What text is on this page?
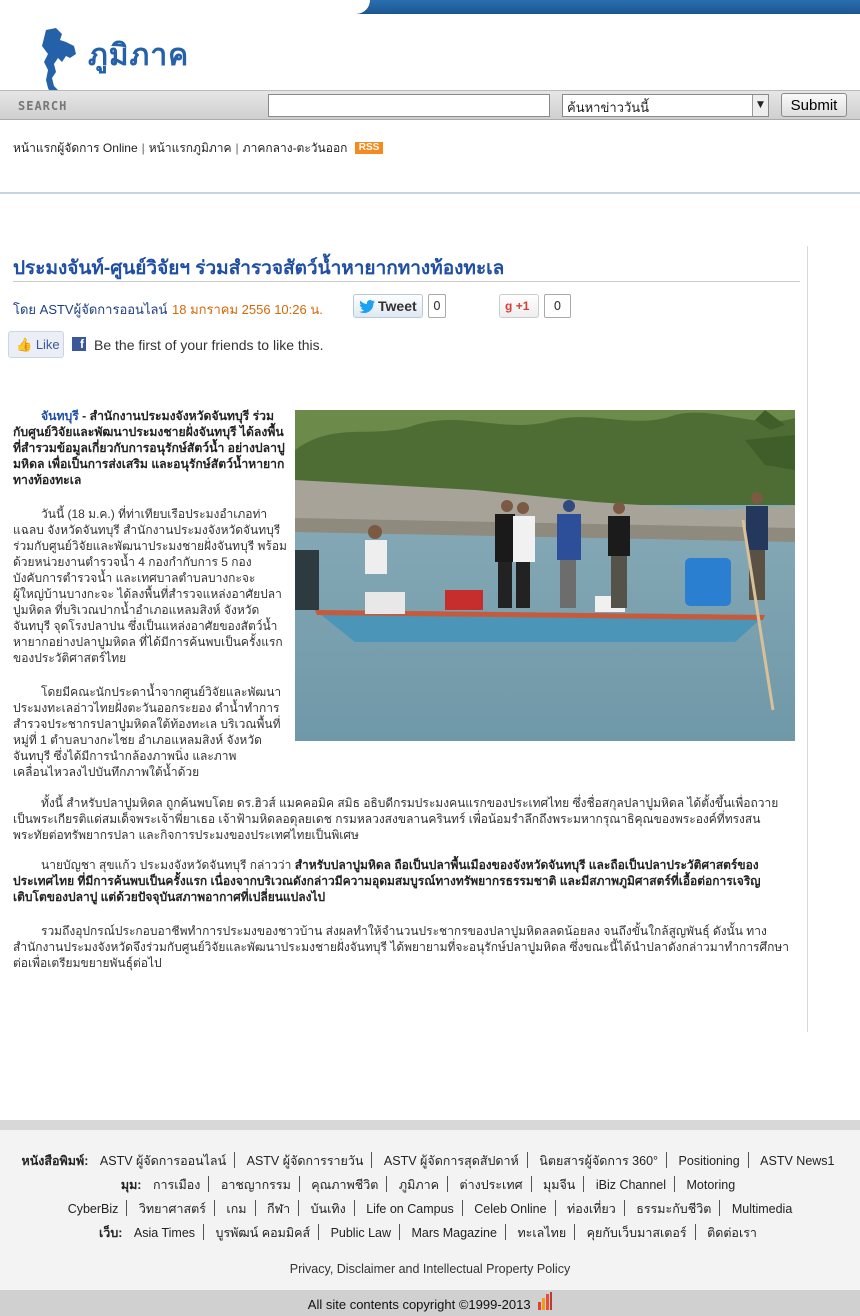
ภูมิภาค
SEARCH	ค้นหาข่าววันนี้	▼	Submit
หน้าแรกผู้จัดการ Online | หน้าแรกภูมิภาค | ภาคกลาง-ตะวันออก RSS
ประมงจันท์-ศูนย์วิจัยฯ ร่วมสำรวจสัตว์น้ำหายากทางท้องทะเล
โดย ASTVผู้จัดการออนไลน์ 18 มกราคม 2556 10:26 น.	Tweet	0	g +1	0
👍 Like	f Be the first of your friends to like this.
จันทบุรี - สำนักงานประมงจังหวัดจันทบุรี ร่วมกับศูนย์วิจัยและพัฒนาประมงชายฝั่งจันทบุรี ได้ลงพื้นที่สำรวมข้อมูลเกี่ยวกับการอนุรักษ์สัตว์น้ำ อย่างปลาปูมหิดล เพื่อเป็นการส่งเสริม และอนุรักษ์สัตว์น้ำหายากทางท้องทะเล
วันนี้ (18 ม.ค.) ที่ท่าเทียบเรือประมงอำเภอท่าแฉลบ จังหวัดจันทบุรี สำนักงานประมงจังหวัดจันทบุรี ร่วมกับศูนย์วิจัยและพัฒนาประมงชายฝั่งจันทบุรี พร้อมด้วยหน่วยงานตำรวจน้ำ 4 กองกำกับการ 5 กองบังคับการตำรวจน้ำ และเทศบาลตำบลบางกะจะ ผู้ใหญ่บ้านบางกะจะ ได้ลงพื้นที่สำรวจแหล่งอาศัยปลาปูมหิดล ที่บริเวณปากน้ำอำเภอแหลมสิงห์ จังหวัดจันทบุรี จุดโรงปลาปน ซึ่งเป็นแหล่งอาศัยของสัตว์น้ำหายากอย่างปลาปูมหิดล ที่ได้มีการค้นพบเป็นครั้งแรกของประวัติศาสตร์ไทย
โดยมีคณะนักประดาน้ำจากศูนย์วิจัยและพัฒนาประมงทะเลอ่าวไทยฝั่งตะวันออกระยอง ดำน้ำทำการสำรวจประชากรปลาปูมหิดลใต้ท้องทะเล บริเวณพื้นที่หมู่ที่ 1 ตำบลบางกะไชย อำเภอแหลมสิงห์ จังหวัดจันทบุรี ซึ่งได้มีการนำกล้องภาพนิ่ง และภาพเคลื่อนไหวลงไปบันทึกภาพใต้น้ำด้วย
ทั้งนี้ สำหรับปลาปูมหิดล ถูกค้นพบโดย ดร.ฮิวส์ แมคคอมิค สมิธ อธิบดีกรมประมงคนแรกของประเทศไทย ซึ่งชื่อสกุลปลาปูมหิดล ได้ตั้งขึ้นเพื่อถวายเป็นพระเกียรติแด่สมเด็จพระเจ้าพี่ยาเธอ เจ้าฟ้ามหิดลอดุลยเดช กรมหลวงสงขลานครินทร์ เพื่อน้อมรำลึกถึงพระมหากรุณาธิคุณของพระองค์ที่ทรงสนพระทัยต่อทรัพยากรปลา และกิจการประมงของประเทศไทยเป็นพิเศษ
นายบัญชา สุขแก้ว ประมงจังหวัดจันทบุรี กล่าวว่า สำหรับปลาปูมหิดล ถือเป็นปลาพื้นเมืองของจังหวัดจันทบุรี และถือเป็นปลาประวัติศาสตร์ของประเทศไทย ที่มีการค้นพบเป็นครั้งแรก เนื่องจากบริเวณดังกล่าวมีความอุดมสมบูรณ์ทางทรัพยากรธรรมชาติ และมีสภาพภูมิศาสตร์ที่เอื้อต่อการเจริญเติบโตของปลาปู แต่ด้วยปัจจุบันสภาพอากาศที่เปลี่ยนแปลงไป
รวมถึงอุปกรณ์ประกอบอาชีพทำการประมงของชาวบ้าน ส่งผลทำให้จำนวนประชากรของปลาปูมหิดลลดน้อยลง จนถึงขั้นใกล้สูญพันธุ์ ดังนั้น ทางสำนักงานประมงจังหวัดจึงร่วมกับศูนย์วิจัยและพัฒนาประมงชายฝั่งจันทบุรี ได้พยายามที่จะอนุรักษ์ปลาปูมหิดล ซึ่งขณะนี้ได้นำปลาดังกล่าวมาทำการศึกษาต่อเพื่อเตรียมขยายพันธุ์ต่อไป
หนังสือพิมพ์: ASTV ผู้จัดการออนไลน์ ASTV ผู้จัดการรายวัน ASTV ผู้จัดการสุดสัปดาห์ นิตยสารผู้จัดการ 360° Positioning ASTV News1
มุม: การเมือง อาชญากรรม คุณภาพชีวิต ภูมิภาค ต่างประเทศ มุมจีน iBiz Channel Motoring
CyberBiz วิทยาศาสตร์ เกม กีฬา บันเทิง Life on Campus Celeb Online ท่องเที่ยว ธรรมะกับชีวิต Multimedia
เว็บ: Asia Times บูรพัฒน์ คอมมิคส์ Public Law Mars Magazine ทะเลไทย คุยกับเว็บมาสเตอร์ ติดต่อเรา
Privacy, Disclaimer and Intellectual Property Policy
All site contents copyright ©1999-2013
